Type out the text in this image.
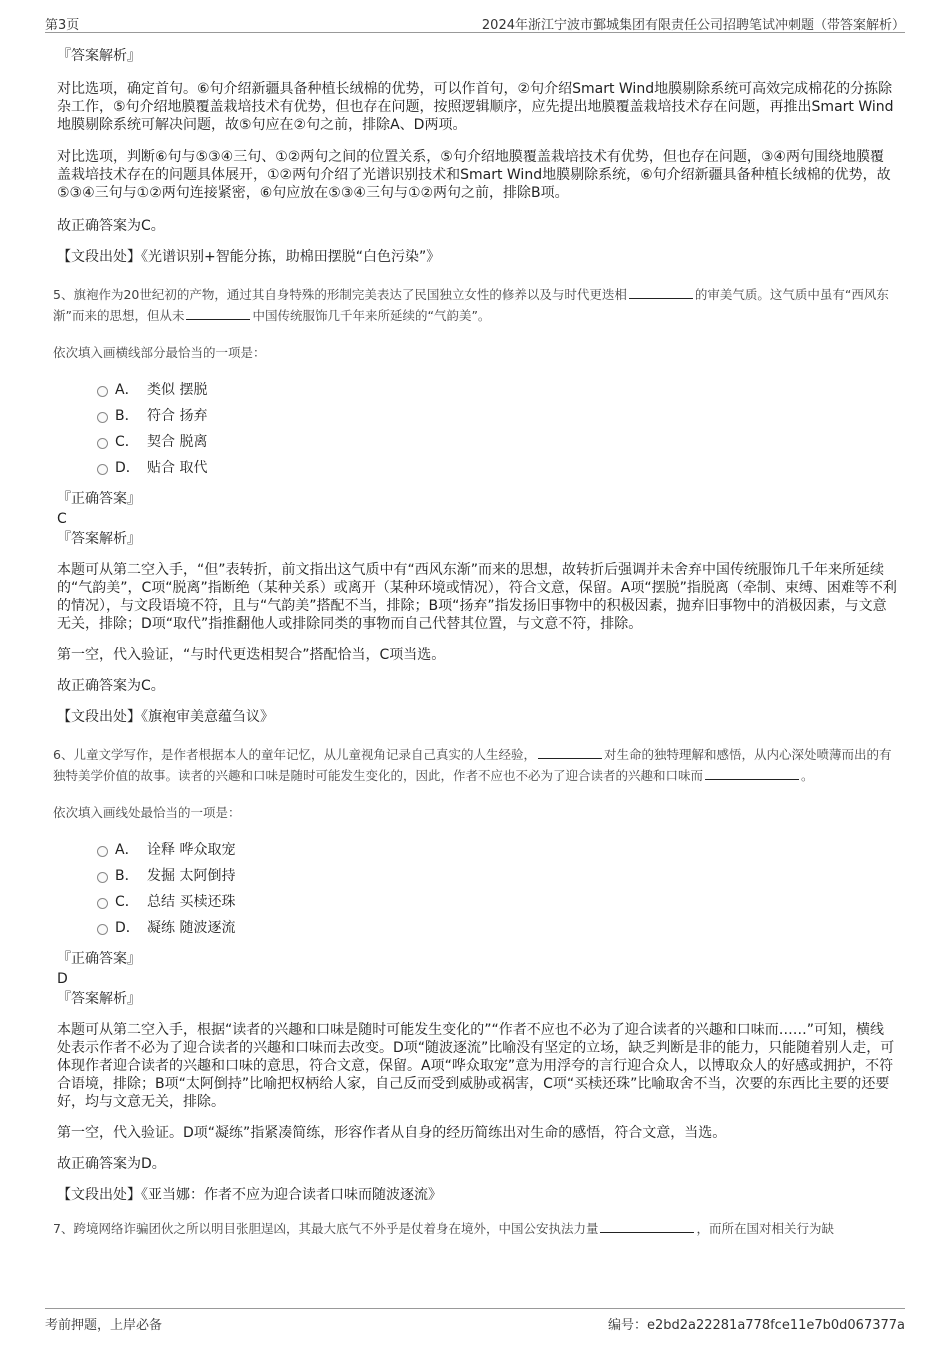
第3页	2024年浙江宁波市鄞城集团有限责任公司招聘笔试冲刺题（带答案解析）
『答案解析』

对比选项，确定首句。⑥句介绍新疆具备种植长绒棉的优势，可以作首句，②句介绍Smart Wind地膜剔除系统可高效完成棉花的分拣除杂工作，⑤句介绍地膜覆盖栽培技术有优势，但也存在问题，按照逻辑顺序，应先提出地膜覆盖栽培技术存在问题，再推出Smart Wind地膜剔除系统可解决问题，故⑤句应在②句之前，排除A、D两项。

对比选项，判断⑥句与⑤③④三句、①②两句之间的位置关系，⑤句介绍地膜覆盖栽培技术有优势，但也存在问题，③④两句围绕地膜覆盖栽培技术存在的问题具体展开，①②两句介绍了光谱识别技术和Smart Wind地膜剔除系统，⑥句介绍新疆具备种植长绒棉的优势，故⑤③④三句与①②两句连接紧密，⑥句应放在⑤③④三句与①②两句之前，排除B项。

故正确答案为C。
【文段出处】《光谱识别+智能分拣，助棉田摆脱“白色污染”》

5、旗袍作为20世纪初的产物，通过其自身特殊的形制完美表达了民国独立女性的修养以及与时代更迭相	的审美气质。这气质中虽有“西风东渐”而来的思想，但从未	中国传统服饰几千年来所延续的“气韵美”。

依次填入画横线部分最恰当的一项是：

A． 类似 摆脱
B． 符合 扬弃
C． 契合 脱离
D． 贴合 取代
『正确答案』
C
『答案解析』

本题可从第二空入手，“但”表转折，前文指出这气质中有“西风东渐”而来的思想，故转折后强调并未舍弃中国传统服饰几千年来所延续的“气韵美”，C项“脱离”指断绝（某种关系）或离开（某种环境或情况），符合文意，保留。A项“摆脱”指脱离（牵制、束缚、困难等不利的情况），与文段语境不符，且与“气韵美”搭配不当，排除；B项“扬弃”指发扬旧事物中的积极因素，抛弃旧事物中的消极因素，与文意无关，排除；D项“取代”指推翻他人或排除同类的事物而自己代替其位置，与文意不符，排除。

第一空，代入验证，“与时代更迭相契合”搭配恰当，C项当选。
故正确答案为C。
【文段出处】《旗袍审美意蕴刍议》

6、儿童文学写作，是作者根据本人的童年记忆，从儿童视角记录自己真实的人生经验，	对生命的独特理解和感悟，从内心深处喷薄而出的有独特美学价值的故事。读者的兴趣和口味是随时可能发生变化的，因此，作者不应也不必为了迎合读者的兴趣和口味而	。

依次填入画线处最恰当的一项是：

A． 诠释 哗众取宠
B． 发掘 太阿倒持
C． 总结 买椟还珠
D． 凝练 随波逐流
『正确答案』
D
『答案解析』

本题可从第二空入手，根据“读者的兴趣和口味是随时可能发生变化的”“作者不应也不必为了迎合读者的兴趣和口味而……”可知，横线处表示作者不必为了迎合读者的兴趣和口味而去改变。D项“随波逐流”比喻没有坚定的立场，缺乏判断是非的能力，只能随着别人走，可体现作者迎合读者的兴趣和口味的意思，符合文意，保留。A项“哗众取宠”意为用浮夸的言行迎合众人，以博取众人的好感或拥护，不符合语境，排除；B项“太阿倒持”比喻把权柄给人家，自己反而受到威胁或祸害，C项“买椟还珠”比喻取舍不当，次要的东西比主要的还要好，均与文意无关，排除。

第一空，代入验证。D项“凝练”指紧凑简练，形容作者从自身的经历简练出对生命的感悟，符合文意，当选。
故正确答案为D。
【文段出处】《亚当娜：作者不应为迎合读者口味而随波逐流》

7、跨境网络诈骗团伙之所以明目张胆逞凶，其最大底气不外乎是仗着身在境外，中国公安执法力量	，而所在国对相关行为缺

考前押题，上岸必备	编号：e2bd2a22281a778fce11e7b0d067377a
